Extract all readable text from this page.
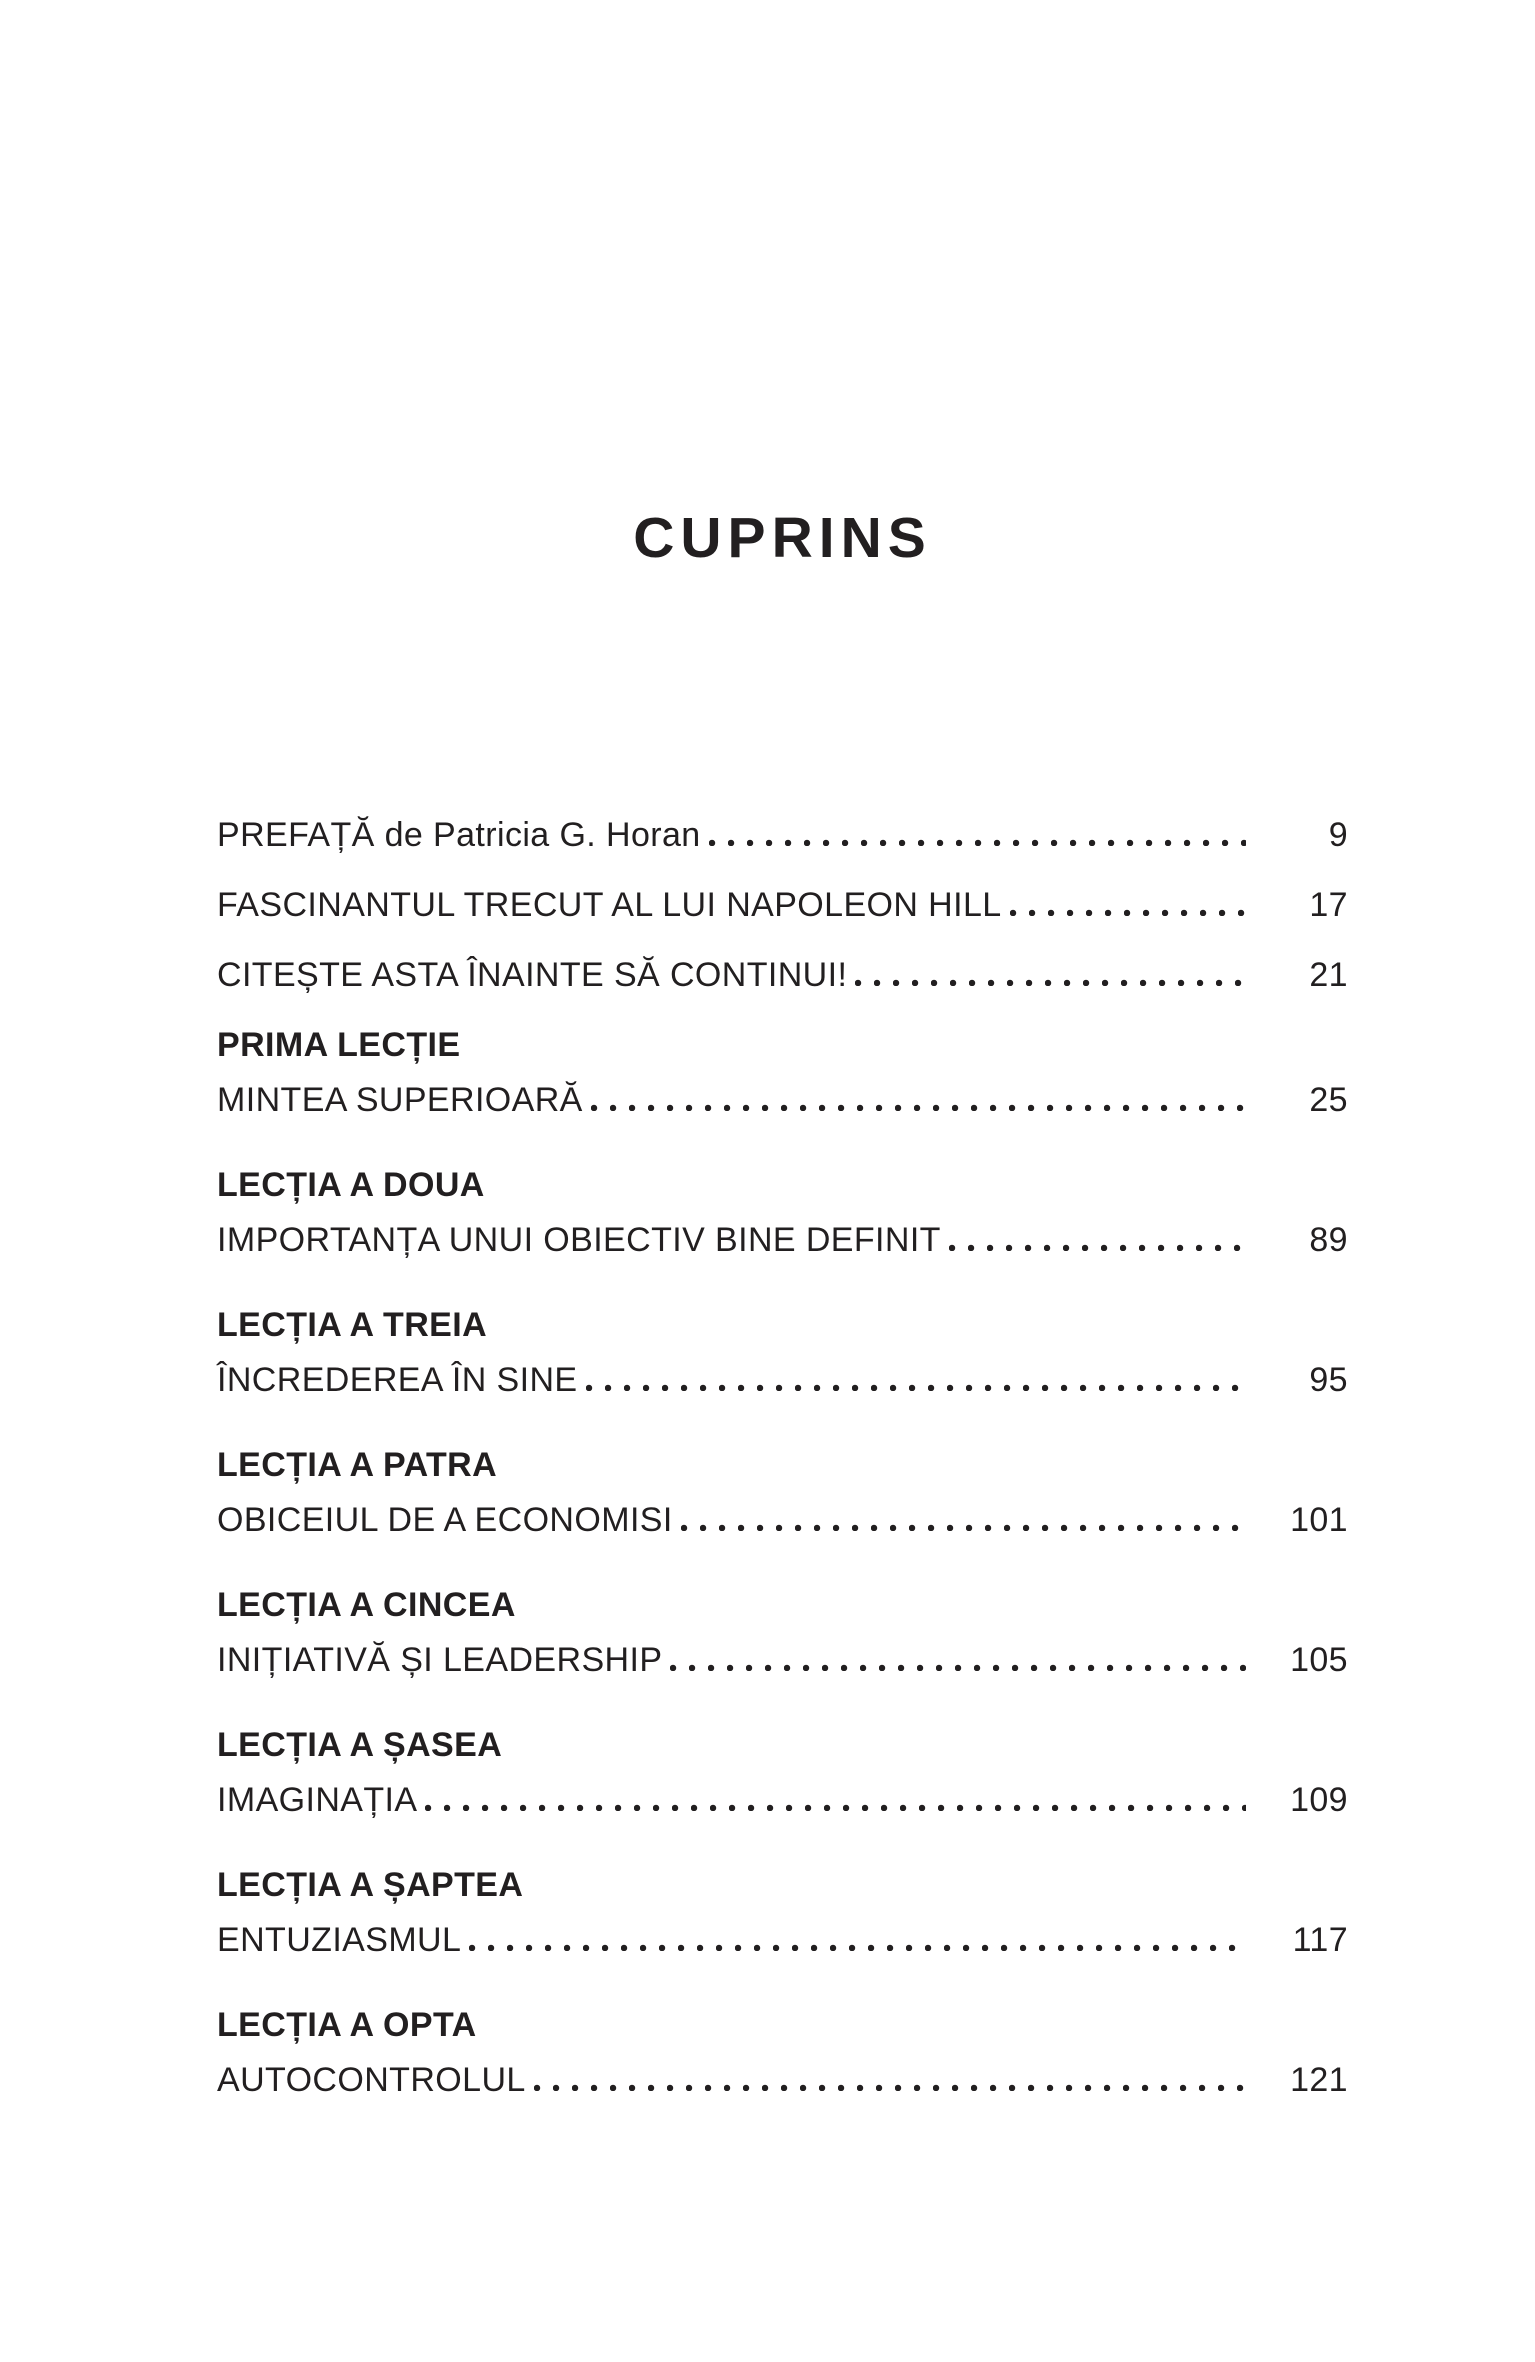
CUPRINS
PREFAȚĂ de Patricia G. Horan	9
FASCINANTUL TRECUT AL LUI NAPOLEON HILL	17
CITEȘTE ASTA ÎNAINTE SĂ CONTINUI!	21
PRIMA LECȚIE
MINTEA SUPERIOARĂ	25
LECȚIA A DOUA
IMPORTANȚA UNUI OBIECTIV BINE DEFINIT	89
LECȚIA A TREIA
ÎNCREDEREA ÎN SINE	95
LECȚIA A PATRA
OBICEIUL DE A ECONOMISI	101
LECȚIA A CINCEA
INIȚIATIVĂ ȘI LEADERSHIP	105
LECȚIA A ȘASEA
IMAGINAȚIA	109
LECȚIA A ȘAPTEA
ENTUZIASMUL	117
LECȚIA A OPTA
AUTOCONTROLUL	121
